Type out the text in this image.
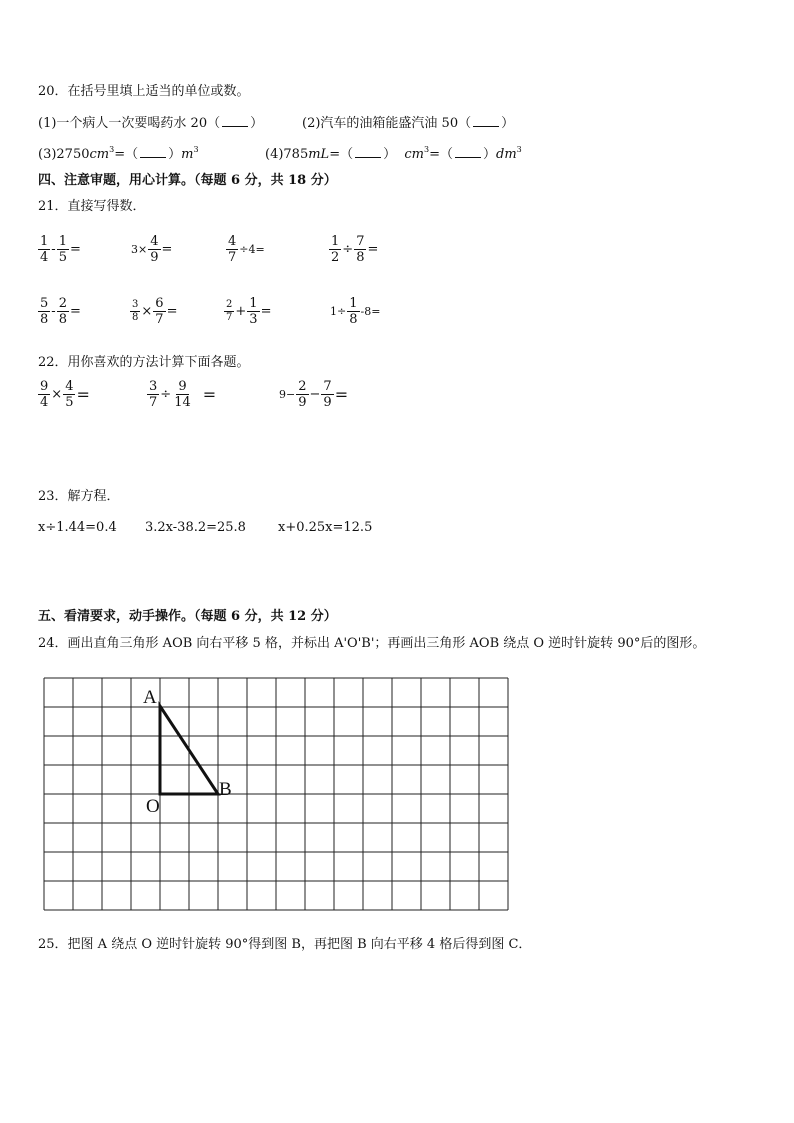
20．在括号里填上适当的单位或数。
(1)一个病人一次要喝药水 20（ ）	(2)汽车的油箱能盛汽油 50（ ）
$(3)2750cm^3=$（ ）$m^3$	(4)785mL=（ ） $cm^3=$（ ）$dm^3$
四、注意审题，用心计算。（每题 6 分，共 18 分）
21．直接写得数．
$\frac{1}{4} - \frac{1}{5}$ =	$3\times \frac{4}{9}$ =	$\frac{4}{7} \div 4=$	$\frac{1}{2} \div \frac{7}{8}$ =
$\frac{5}{8} - \frac{2}{8}$ =	$\frac{3}{8} \times \frac{6}{7}$ =	$\frac{2}{7} + \frac{1}{3}$ =	$1\div \frac{1}{8} -8=$
22．用你喜欢的方法计算下面各题。
$\frac{9}{4} \times \frac{4}{5}$ =	$\frac{3}{7} \div \frac{9}{14}$ =	$9- \frac{2}{9} - \frac{7}{9}$ =
23．解方程．
x÷1.44=0.4 3.2x-38.2=25.8 x+0.25x=12.5
五、看清要求，动手操作。（每题 6 分，共 12 分）
24．画出直角三角形 AOB 向右平移 5 格，并标出 A'O'B'；再画出三角形 AOB 绕点 O 逆时针旋转 90°后的图形。
A
O
B
25．把图 A 绕点 O 逆时针旋转 90°得到图 B，再把图 B 向右平移 4 格后得到图 C．
